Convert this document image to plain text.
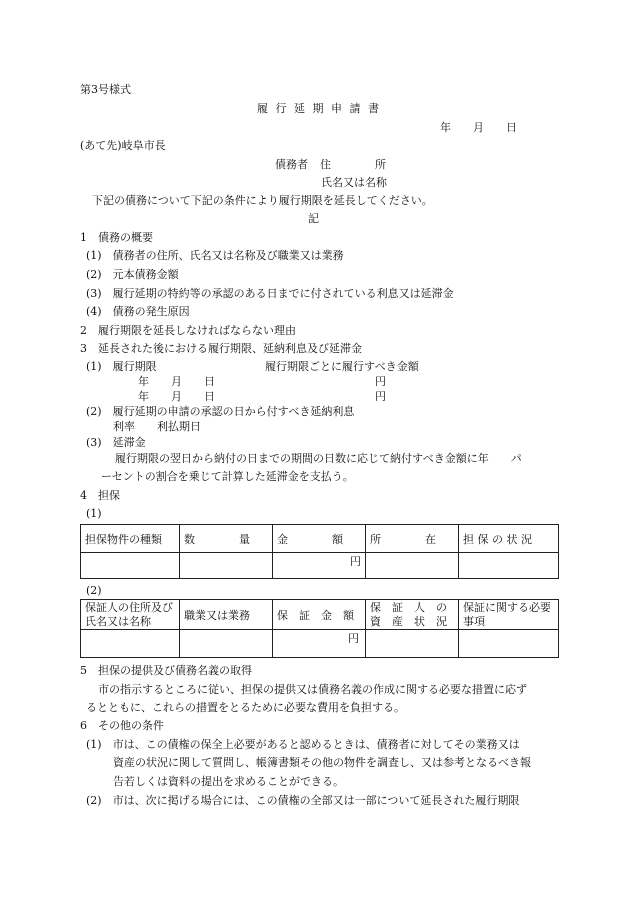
第3号様式
履 行 延 期 申 請 書
年　　月　　日
(あて先)岐阜市長
債務者 住　　　　所
氏名又は名称
下記の債務について下記の条件により履行期限を延長してください。
記
1　債務の概要
(1)　債務者の住所、氏名又は名称及び職業又は業務
(2)　元本債務金額
(3)　履行延期の特約等の承認のある日までに付されている利息又は延滞金
(4)　債務の発生原因
2　履行期限を延長しなければならない理由
3　延長された後における履行期限、延納利息及び延滞金
(1)　履行期限	履行期限ごとに履行すべき金額
年　　月　　日	円
年　　月　　日	円
(2)　履行延期の申請の承認の日から付すべき延納利息
利率　　利払期日
(3)　延滞金
履行期限の翌日から納付の日までの期間の日数に応じて納付すべき金額に年　　パ
ーセントの割合を乗じて計算した延滞金を支払う。
4　担保
(1)
担保物件の種類	数　　　　量	金　　　　額	所　　　　在	担 保 の 状 況
		円		
(2)
保証人の住所及び氏名又は名称	職業又は業務	保　証　金　額	保　証　人　の資　産　状　況	保証に関する必要事項
		円		
5　担保の提供及び債務名義の取得
市の指示するところに従い、担保の提供又は債務名義の作成に関する必要な措置に応ず
るとともに、これらの措置をとるために必要な費用を負担する。
6　その他の条件
(1)　市は、この債権の保全上必要があると認めるときは、債務者に対してその業務又は
資産の状況に関して質問し、帳簿書類その他の物件を調査し、又は参考となるべき報
告若しくは資料の提出を求めることができる。
(2)　市は、次に掲げる場合には、この債権の全部又は一部について延長された履行期限
